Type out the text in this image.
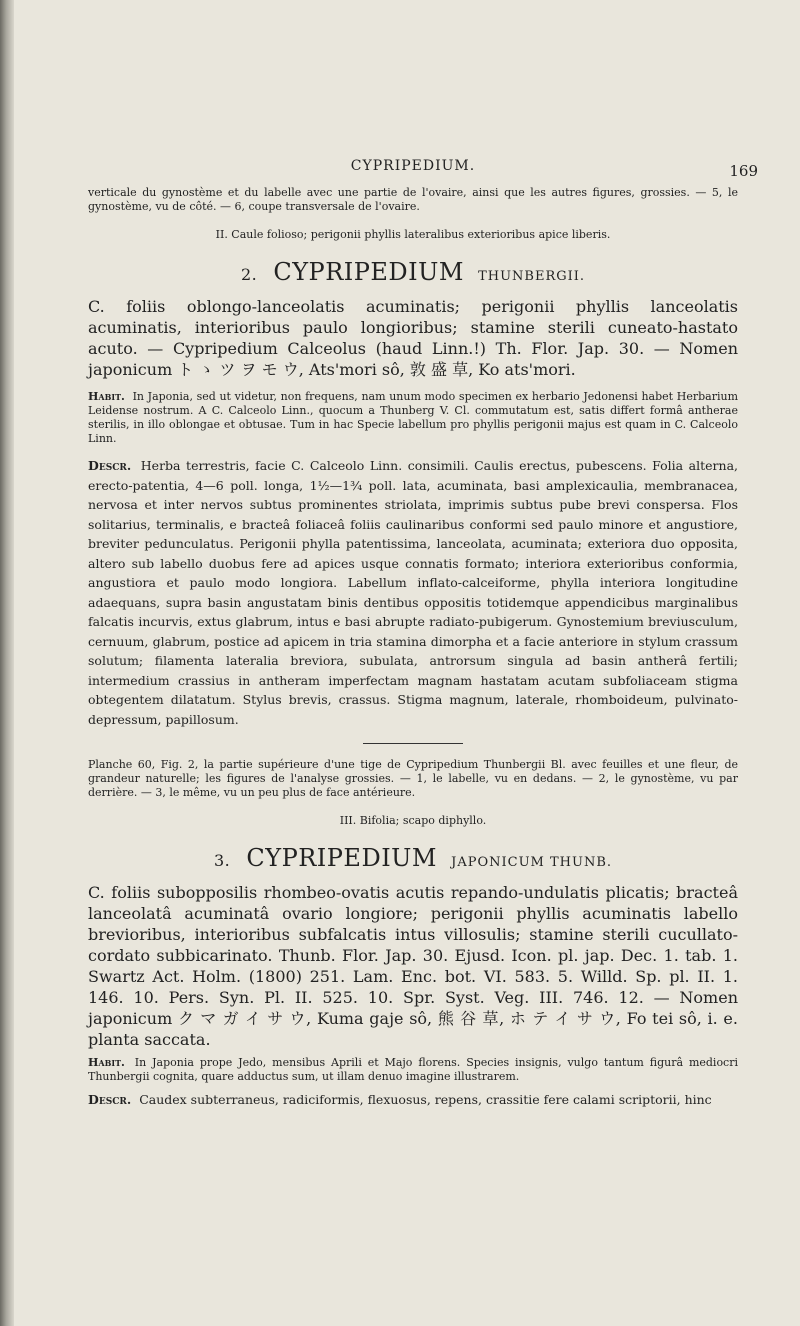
CYPRIPEDIUM.	169

verticale du gynostème et du labelle avec une partie de l'ovaire, ainsi que les autres figures, grossies. — 5, le gynostème, vu de côté. — 6, coupe transversale de l'ovaire.

II. Caule folioso; perigonii phyllis lateralibus exterioribus apice liberis.

2. CYPRIPEDIUM THUNBERGII.

C. foliis oblongo-lanceolatis acuminatis; perigonii phyllis lanceolatis acuminatis, interioribus paulo longioribus; stamine sterili cuneato-hastato acuto. — Cypripedium Calceolus (haud Linn.!) Th. Flor. Jap. 30. — Nomen japonicum ト ゝ ツ ヲ モ ウ, Ats'mori sô, 敦 盛 草, Ko ats'mori.

Habit. In Japonia, sed ut videtur, non frequens, nam unum modo specimen ex herbario Jedonensi habet Herbarium Leidense nostrum. A C. Calceolo Linn., quocum a Thunberg V. Cl. commutatum est, satis differt formâ antherae sterilis, in illo oblongae et obtusae. Tum in hac Specie labellum pro phyllis perigonii majus est quam in C. Calceolo Linn.

Descr. Herba terrestris, facie C. Calceolo Linn. consimili. Caulis erectus, pubescens. Folia alterna, erecto-patentia, 4—6 poll. longa, 1½—1¾ poll. lata, acuminata, basi amplexicaulia, membranacea, nervosa et inter nervos subtus prominentes striolata, imprimis subtus pube brevi conspersa. Flos solitarius, terminalis, e bracteâ foliaceâ foliis caulinaribus conformi sed paulo minore et angustiore, breviter pedunculatus. Perigonii phylla patentissima, lanceolata, acuminata; exteriora duo opposita, altero sub labello duobus fere ad apices usque connatis formato; interiora exterioribus conformia, angustiora et paulo modo longiora. Labellum inflato-calceiforme, phylla interiora longitudine adaequans, supra basin angustatam binis dentibus oppositis totidemque appendicibus marginalibus falcatis incurvis, extus glabrum, intus e basi abrupte radiato-pubigerum. Gynostemium breviusculum, cernuum, glabrum, postice ad apicem in tria stamina dimorpha et a facie anteriore in stylum crassum solutum; filamenta lateralia breviora, subulata, antrorsum singula ad basin antherâ fertili; intermedium crassius in antheram imperfectam magnam hastatam acutam subfoliaceam stigma obtegentem dilatatum. Stylus brevis, crassus. Stigma magnum, laterale, rhomboideum, pulvinato-depressum, papillosum.

Planche 60, Fig. 2, la partie supérieure d'une tige de Cypripedium Thunbergii Bl. avec feuilles et une fleur, de grandeur naturelle; les figures de l'analyse grossies. — 1, le labelle, vu en dedans. — 2, le gynostème, vu par derrière. — 3, le même, vu un peu plus de face antérieure.

III. Bifolia; scapo diphyllo.

3. CYPRIPEDIUM JAPONICUM THUNB.

C. foliis subopposilis rhombeo-ovatis acutis repando-undulatis plicatis; bracteâ lanceolatâ acuminatâ ovario longiore; perigonii phyllis acuminatis labello brevioribus, interioribus subfalcatis intus villosulis; stamine sterili cucullato-cordato subbicarinato. Thunb. Flor. Jap. 30. Ejusd. Icon. pl. jap. Dec. 1. tab. 1. Swartz Act. Holm. (1800) 251. Lam. Enc. bot. VI. 583. 5. Willd. Sp. pl. II. 1. 146. 10. Pers. Syn. Pl. II. 525. 10. Spr. Syst. Veg. III. 746. 12. — Nomen japonicum ク マ ガ イ サ ウ, Kuma gaje sô, 熊 谷 草, ホ テ イ サ ウ, Fo tei sô, i. e. planta saccata.

Habit. In Japonia prope Jedo, mensibus Aprili et Majo florens. Species insignis, vulgo tantum figurâ mediocri Thunbergii cognita, quare adductus sum, ut illam denuo imagine illustrarem.

Descr. Caudex subterraneus, radiciformis, flexuosus, repens, crassitie fere calami scriptorii, hinc
